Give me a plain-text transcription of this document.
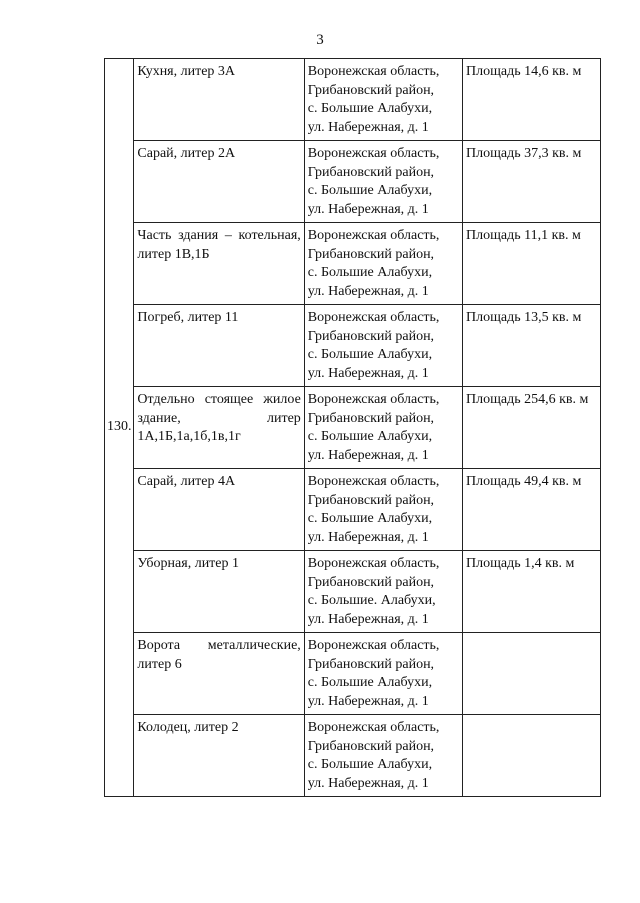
3
130.	Кухня, литер 3А	Воронежская область,
Грибановский район,
с. Большие Алабухи,
ул. Набережная, д. 1	Площадь 14,6 кв. м
	Сарай, литер 2А	Воронежская область,
Грибановский район,
с. Большие Алабухи,
ул. Набережная, д. 1	Площадь 37,3 кв. м
	Часть здания – котельная, литер 1В,1Б	Воронежская область,
Грибановский район,
с. Большие Алабухи,
ул. Набережная, д. 1	Площадь 11,1 кв. м
	Погреб, литер 11	Воронежская область,
Грибановский район,
с. Большие Алабухи,
ул. Набережная, д. 1	Площадь 13,5 кв. м
	Отдельно стоящее жилое здание, литер 1А,1Б,1а,1б,1в,1г	Воронежская область,
Грибановский район,
с. Большие Алабухи,
ул. Набережная, д. 1	Площадь 254,6 кв. м
	Сарай, литер 4А	Воронежская область,
Грибановский район,
с. Большие Алабухи,
ул. Набережная, д. 1	Площадь 49,4 кв. м
	Уборная, литер 1	Воронежская область,
Грибановский район,
с. Большие. Алабухи,
ул. Набережная, д. 1	Площадь 1,4 кв. м
	Ворота металлические, литер 6	Воронежская область,
Грибановский район,
с. Большие Алабухи,
ул. Набережная, д. 1	

	Колодец, литер 2	Воронежская область,
Грибановский район,
с. Большие Алабухи,
ул. Набережная, д. 1	
